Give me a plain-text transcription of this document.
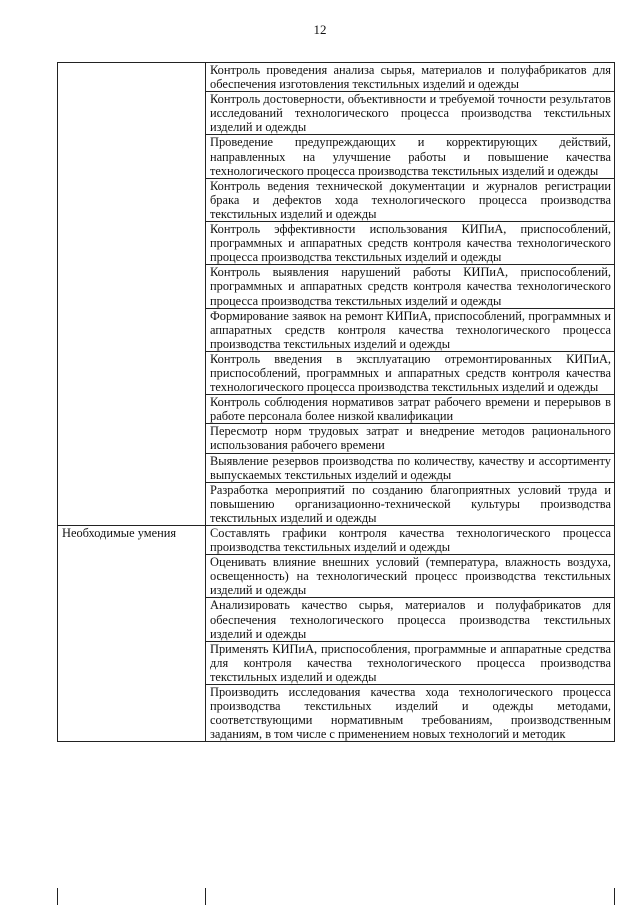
12

	Контроль проведения анализа сырья, материалов и полуфабрикатов для обеспечения изготовления текстильных изделий и одежды

	Контроль достоверности, объективности и требуемой точности результатов исследований технологического процесса производства текстильных изделий и одежды

	Проведение предупреждающих и корректирующих действий, направленных на улучшение работы и повышение качества технологического процесса производства текстильных изделий и одежды

	Контроль ведения технической документации и журналов регистрации брака и дефектов хода технологического процесса производства текстильных изделий и одежды

	Контроль эффективности использования КИПиА, приспособлений, программных и аппаратных средств контроля качества технологического процесса производства текстильных изделий и одежды

	Контроль выявления нарушений работы КИПиА, приспособлений, программных и аппаратных средств контроля качества технологического процесса производства текстильных изделий и одежды

	Формирование заявок на ремонт КИПиА, приспособлений, программных и аппаратных средств контроля качества технологического процесса производства текстильных изделий и одежды

	Контроль введения в эксплуатацию отремонтированных КИПиА, приспособлений, программных и аппаратных средств контроля качества технологического процесса производства текстильных изделий и одежды

	Контроль соблюдения нормативов затрат рабочего времени и перерывов в работе персонала более низкой квалификации

	Пересмотр норм трудовых затрат и внедрение методов рационального использования рабочего времени

	Выявление резервов производства по количеству, качеству и ассортименту выпускаемых текстильных изделий и одежды

	Разработка мероприятий по созданию благоприятных условий труда и повышению организационно-технической культуры производства текстильных изделий и одежды

Необходимые умения	Составлять графики контроля качества технологического процесса производства текстильных изделий и одежды

	Оценивать влияние внешних условий (температура, влажность воздуха, освещенность) на технологический процесс производства текстильных изделий и одежды

	Анализировать качество сырья, материалов и полуфабрикатов для обеспечения технологического процесса производства текстильных изделий и одежды

	Применять КИПиА, приспособления, программные и аппаратные средства для контроля качества технологического процесса производства текстильных изделий и одежды

	Производить исследования качества хода технологического процесса производства текстильных изделий и одежды методами, соответствующими нормативным требованиям, производственным заданиям, в том числе с применением новых технологий и методик
